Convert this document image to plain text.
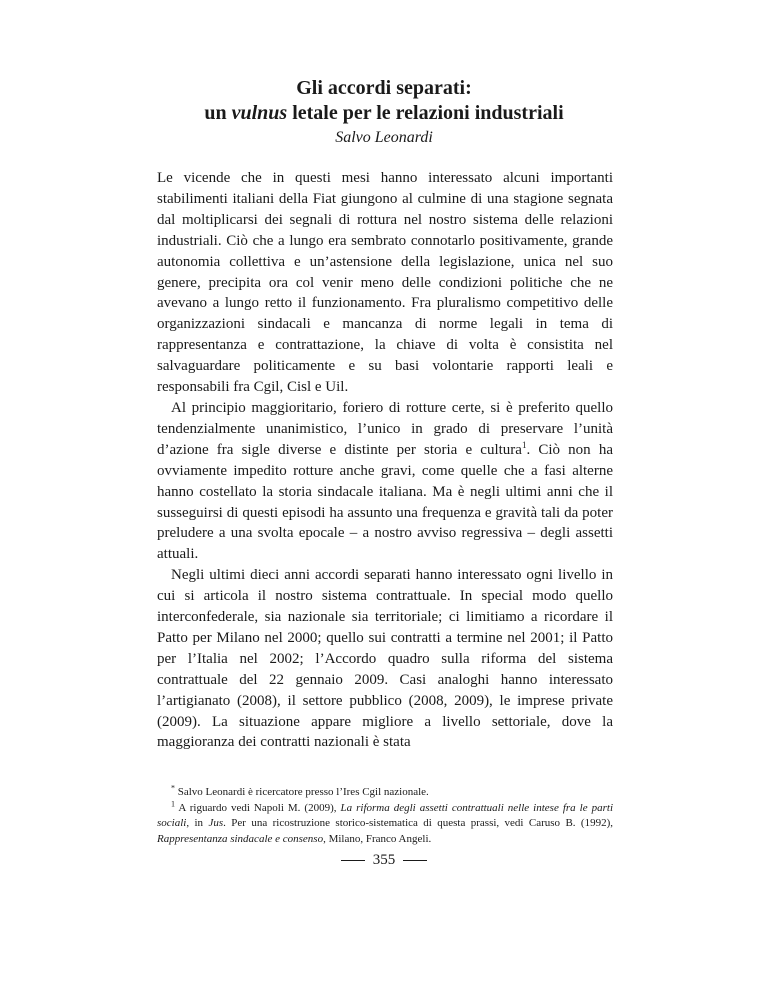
Gli accordi separati:
un vulnus letale per le relazioni industriali
Salvo Leonardi

Le vicende che in questi mesi hanno interessato alcuni importanti stabilimenti italiani della Fiat giungono al culmine di una stagione segnata dal moltiplicarsi dei segnali di rottura nel nostro sistema delle relazioni industriali. Ciò che a lungo era sembrato connotarlo positivamente, grande autonomia collettiva e un’astensione della legislazione, unica nel suo genere, precipita ora col venir meno delle condizioni politiche che ne avevano a lungo retto il funzionamento. Fra pluralismo competitivo delle organizzazioni sindacali e mancanza di norme legali in tema di rappresentanza e contrattazione, la chiave di volta è consistita nel salvaguardare politicamente e su basi volontarie rapporti leali e responsabili fra Cgil, Cisl e Uil.

Al principio maggioritario, foriero di rotture certe, si è preferito quello tendenzialmente unanimistico, l’unico in grado di preservare l’unità d’azione fra sigle diverse e distinte per storia e cultura$^1$. Ciò non ha ovviamente impedito rotture anche gravi, come quelle che a fasi alterne hanno costellato la storia sindacale italiana. Ma è negli ultimi anni che il susseguirsi di questi episodi ha assunto una frequenza e gravità tali da poter preludere a una svolta epocale – a nostro avviso regressiva – degli assetti attuali.

Negli ultimi dieci anni accordi separati hanno interessato ogni livello in cui si articola il nostro sistema contrattuale. In special modo quello interconfederale, sia nazionale sia territoriale; ci limitiamo a ricordare il Patto per Milano nel 2000; quello sui contratti a termine nel 2001; il Patto per l’Italia nel 2002; l’Accordo quadro sulla riforma del sistema contrattuale del 22 gennaio 2009. Casi analoghi hanno interessato l’artigianato (2008), il settore pubblico (2008, 2009), le imprese private (2009). La situazione appare migliore a livello settoriale, dove la maggioranza dei contratti nazionali è stata

* Salvo Leonardi è ricercatore presso l’Ires Cgil nazionale.

$^1$ A riguardo vedi Napoli M. (2009), La riforma degli assetti contrattuali nelle intese fra le parti sociali, in Jus. Per una ricostruzione storico-sistematica di questa prassi, vedi Caruso B. (1992), Rappresentanza sindacale e consenso, Milano, Franco Angeli.

355
